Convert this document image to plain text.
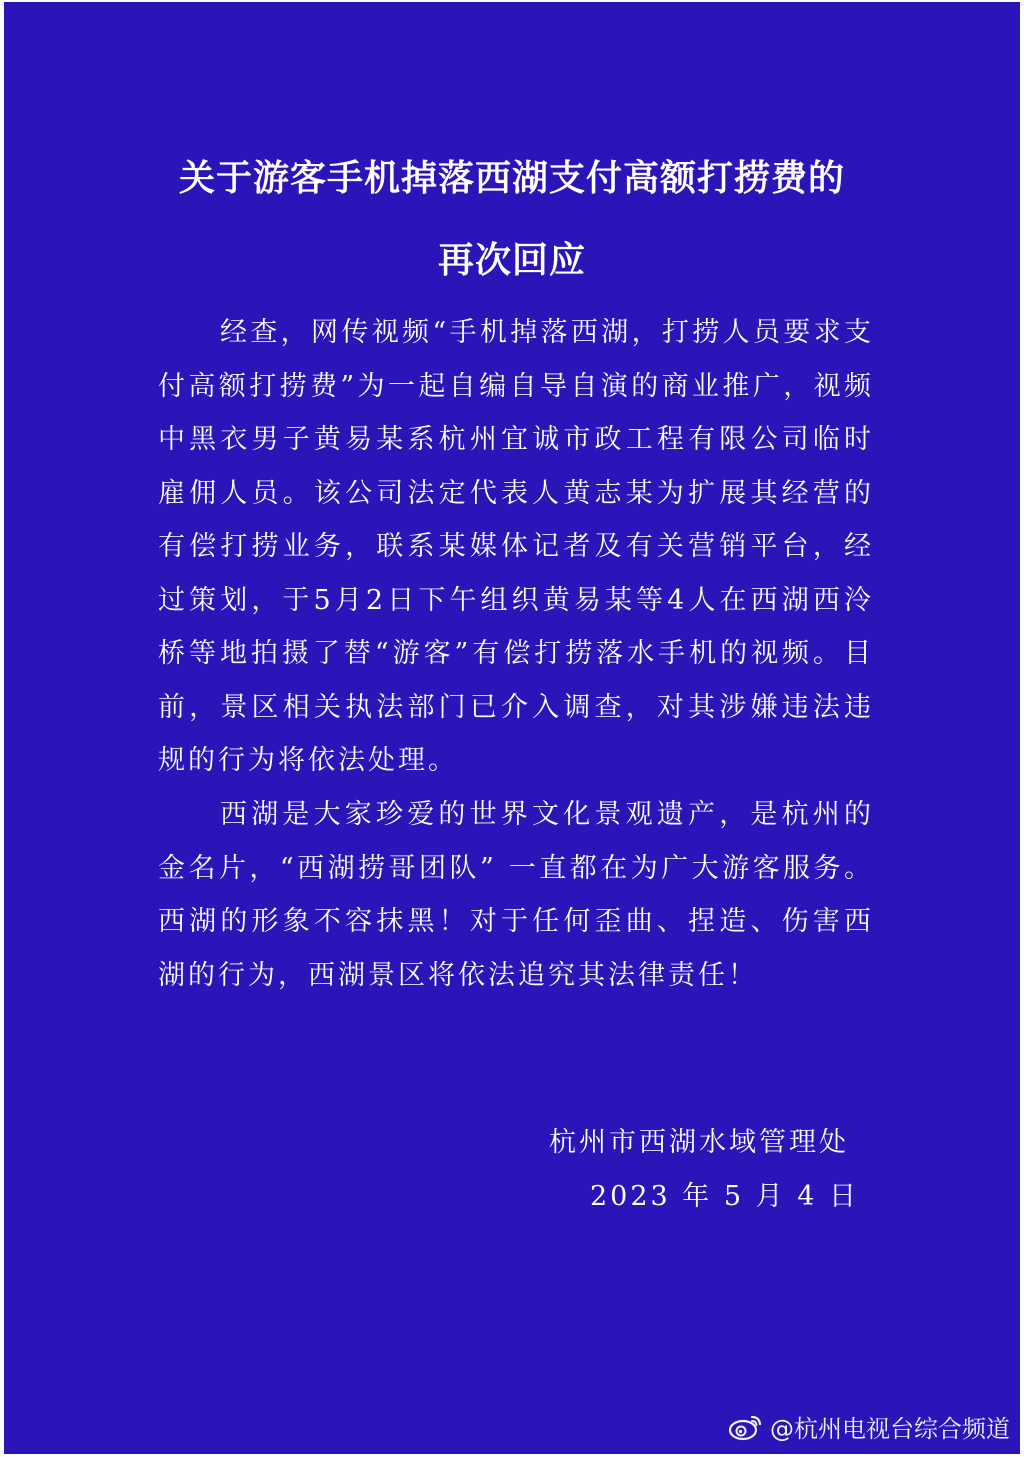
关于游客手机掉落西湖支付高额打捞费的
再次回应

经查，网传视频“手机掉落西湖，打捞人员要求支付高额打捞费”为一起自编自导自演的商业推广，视频中黑衣男子黄易某系杭州宜诚市政工程有限公司临时雇佣人员。该公司法定代表人黄志某为扩展其经营的有偿打捞业务，联系某媒体记者及有关营销平台，经过策划，于5月2日下午组织黄易某等4人在西湖西泠桥等地拍摄了替“游客”有偿打捞落水手机的视频。目前，景区相关执法部门已介入调查，对其涉嫌违法违规的行为将依法处理。

西湖是大家珍爱的世界文化景观遗产，是杭州的金名片，“西湖捞哥团队” 一直都在为广大游客服务。西湖的形象不容抹黑！对于任何歪曲、捏造、伤害西湖的行为，西湖景区将依法追究其法律责任！

杭州市西湖水域管理处
2023 年 5 月 4 日
@杭州电视台综合频道
